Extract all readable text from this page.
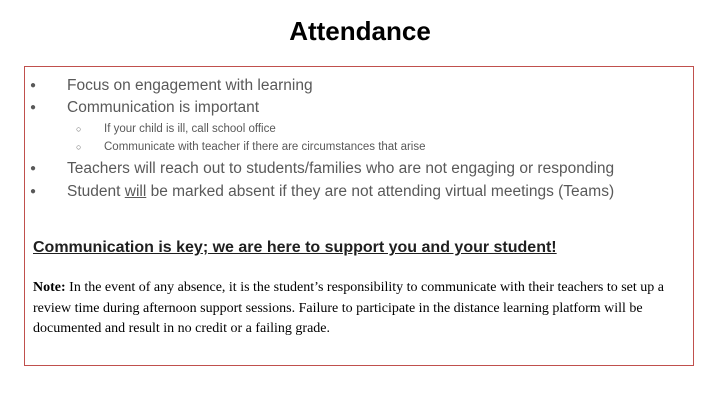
Attendance
● Focus on engagement with learning
● Communication is important
○ If your child is ill, call school office
○ Communicate with teacher if there are circumstances that arise
● Teachers will reach out to students/families who are not engaging or responding
● Student will be marked absent if they are not attending virtual meetings (Teams)
Communication is key; we are here to support you and your student!
Note: In the event of any absence, it is the student’s responsibility to communicate with their teachers to set up a review time during afternoon support sessions. Failure to participate in the distance learning platform will be documented and result in no credit or a failing grade.
